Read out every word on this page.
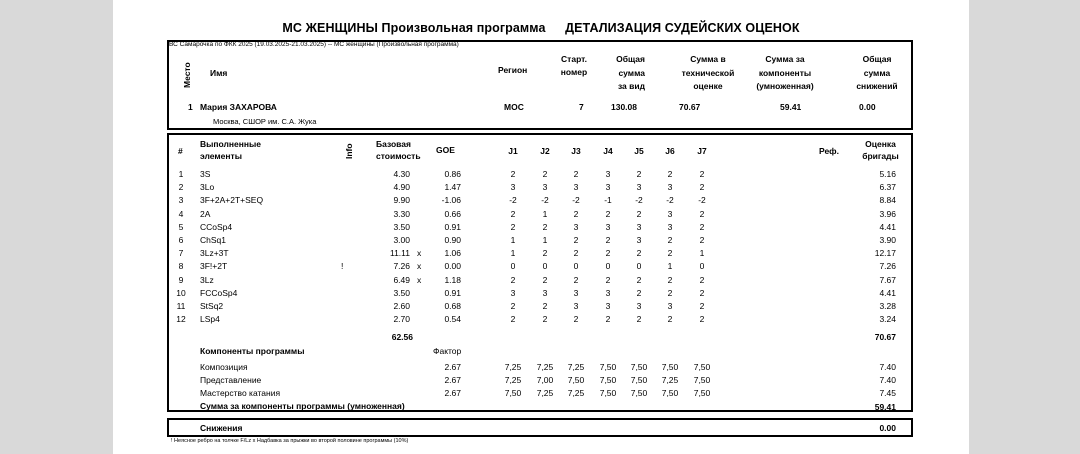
МС ЖЕНЩИНЫ Произвольная программа ДЕТАЛИЗАЦИЯ СУДЕЙСКИХ ОЦЕНОК
ВС Самарочка по ФКК 2025 (19.03.2025-21.03.2025) -- МС женщины (Произвольная программа)
Место Имя	Регион
Старт.
номер
Общая
сумма
за вид
Сумма в
технической
оценке
Сумма за
компоненты
(умноженная)
Общая
сумма
снижений
1 Мария ЗАХАРОВА	МОС	7	130.08	70.67	59.41	0.00
Москва, СШОР им. С.А. Жука
#
Выполненные
элементы	Info	Базовая
стоимость
GOE	J1	J2	J3	J4	J5	J6	J7	Реф.
Оценка
бригады
1	3S	4.30	0.86	2	2	2	3	2	2	2	5.16
2	3Lo	4.90	1.47	3	3	3	3	3	3	2	6.37
3	3F+2A+2T+SEQ	9.90	-1.06	-2	-2	-2	-1	-2	-2	-2	8.84
4	2A	3.30	0.66	2	1	2	2	2	3	2	3.96
5	CCoSp4	3.50	0.91	2	2	3	3	3	3	2	4.41
6	ChSq1	3.00	0.90	1	1	2	2	3	2	2	3.90
7	3Lz+3T	11.11 x	1.06	1	2	2	2	2	2	1	12.17
8	3F!+2T	!	7.26 x	0.00	0	0	0	0	0	1	0	7.26
9	3Lz	6.49 x	1.18	2	2	2	2	2	2	2	7.67
10	FCCoSp4	3.50	0.91	3	3	3	3	2	2	2	4.41
11	StSq2	2.60	0.68	2	2	3	3	3	3	2	3.28
12	LSp4	2.70	0.54	2	2	2	2	2	2	2	3.24
62.56	70.67
Компоненты программы	Фактор
Композиция	2.67	7,25	7,25	7,25	7,50	7,50	7,50	7,50	7.40
Представление	2.67	7,25	7,00	7,50	7,50	7,50	7,25	7,50	7.40
Мастерство катания	2.67	7,50	7,25	7,25	7,50	7,50	7,50	7,50	7.45
Сумма за компоненты программы (умноженная)	59.41
Снижения	0.00
! Неясное ребро на толчке F/Lz x Надбавка за прыжки во второй половине программы (10%)
